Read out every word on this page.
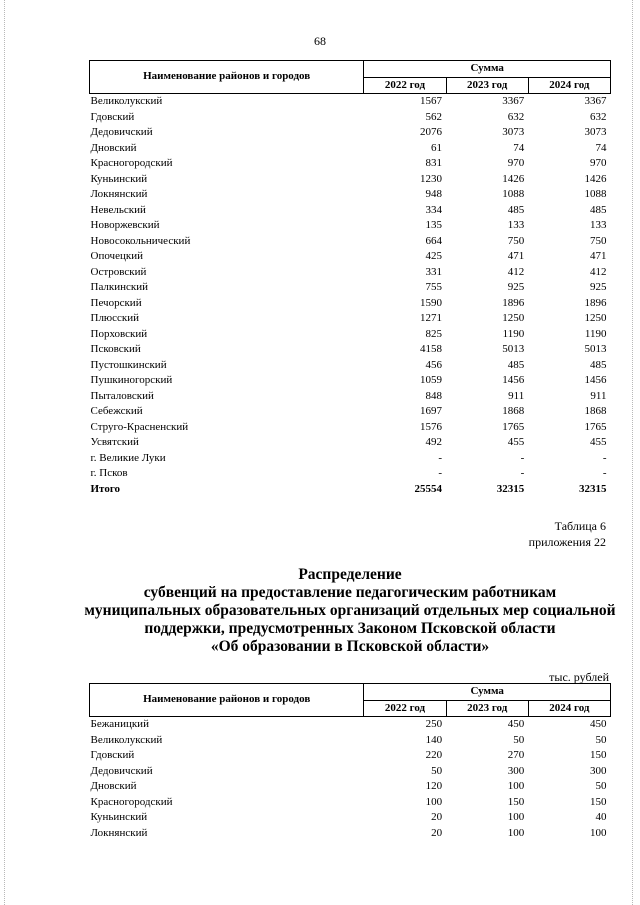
68
Наименование районов и городов	Сумма		
	2022 год	2023 год	2024 год
Великолукский	1567	3367	3367
Гдовский	562	632	632
Дедовичский	2076	3073	3073
Дновский	61	74	74
Красногородский	831	970	970
Куньинский	1230	1426	1426
Локнянский	948	1088	1088
Невельский	334	485	485
Новоржевский	135	133	133
Новосокольнический	664	750	750
Опочецкий	425	471	471
Островский	331	412	412
Палкинский	755	925	925
Печорский	1590	1896	1896
Плюсский	1271	1250	1250
Порховский	825	1190	1190
Псковский	4158	5013	5013
Пустошкинский	456	485	485
Пушкиногорский	1059	1456	1456
Пыталовский	848	911	911
Себежский	1697	1868	1868
Струго-Красненский	1576	1765	1765
Усвятский	492	455	455
г. Великие Луки	-	-	-
г. Псков	-	-	-
Итого	25554	32315	32315
Таблица 6
приложения 22
Распределение
субвенций на предоставление педагогическим работникам
муниципальных образовательных организаций отдельных мер социальной
поддержки, предусмотренных Законом Псковской области
«Об образовании в Псковской области»
тыс. рублей
Наименование районов и городов	Сумма		
	2022 год	2023 год	2024 год
Бежаницкий	250	450	450
Великолукский	140	50	50
Гдовский	220	270	150
Дедовичский	50	300	300
Дновский	120	100	50
Красногородский	100	150	150
Куньинский	20	100	40
Локнянский	20	100	100
